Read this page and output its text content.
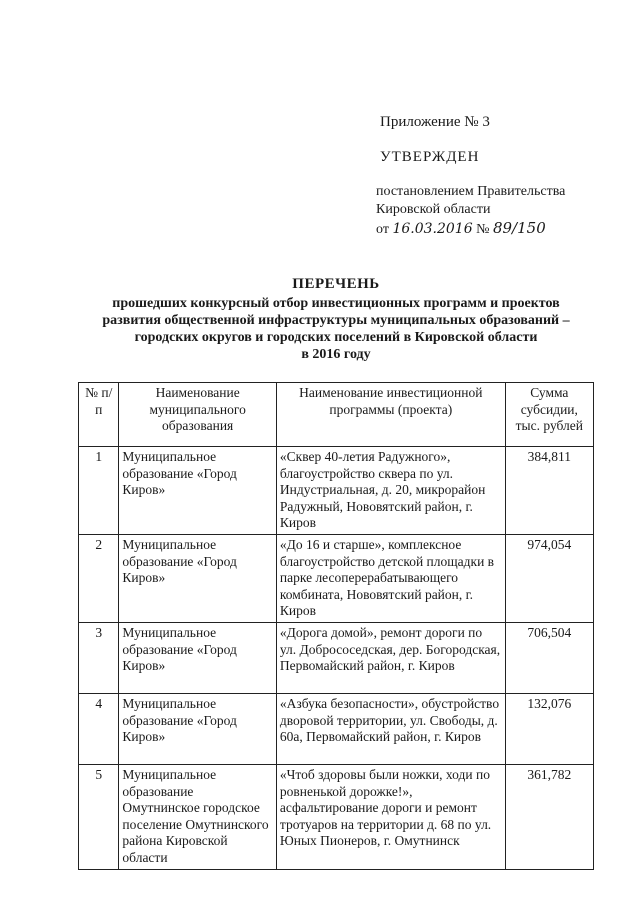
Приложение № 3
УТВЕРЖДЕН
постановлением Правительства
Кировской области
от 16.03.2016 № 89/150
ПЕРЕЧЕНЬ
прошедших конкурсный отбор инвестиционных программ и проектов
развития общественной инфраструктуры муниципальных образований –
городских округов и городских поселений в Кировской области
в 2016 году
№ п/п	Наименование муниципального образования	Наименование инвестиционной программы (проекта)	Сумма субсидии, тыс. рублей
1	Муниципальное образование «Город Киров»	«Сквер 40-летия Радужного», благоустройство сквера по ул. Индустриальная, д. 20, микрорайон Радужный, Нововятский район, г. Киров	384,811
2	Муниципальное образование «Город Киров»	«До 16 и старше», комплексное благоустройство детской площадки в парке лесоперерабатывающего комбината, Нововятский район, г. Киров	974,054
3	Муниципальное образование «Город Киров»	«Дорога домой», ремонт дороги по ул. Добрососедская, дер. Богородская, Первомайский район, г. Киров	706,504
4	Муниципальное образование «Город Киров»	«Азбука безопасности», обустройство дворовой территории, ул. Свободы, д. 60а, Первомайский район, г. Киров	132,076
5	Муниципальное образование Омутнинское городское поселение Омутнинского района Кировской области	«Чтоб здоровы были ножки, ходи по ровненькой дорожке!», асфальтирование дороги и ремонт тротуаров на территории д. 68 по ул. Юных Пионеров, г. Омутнинск	361,782
